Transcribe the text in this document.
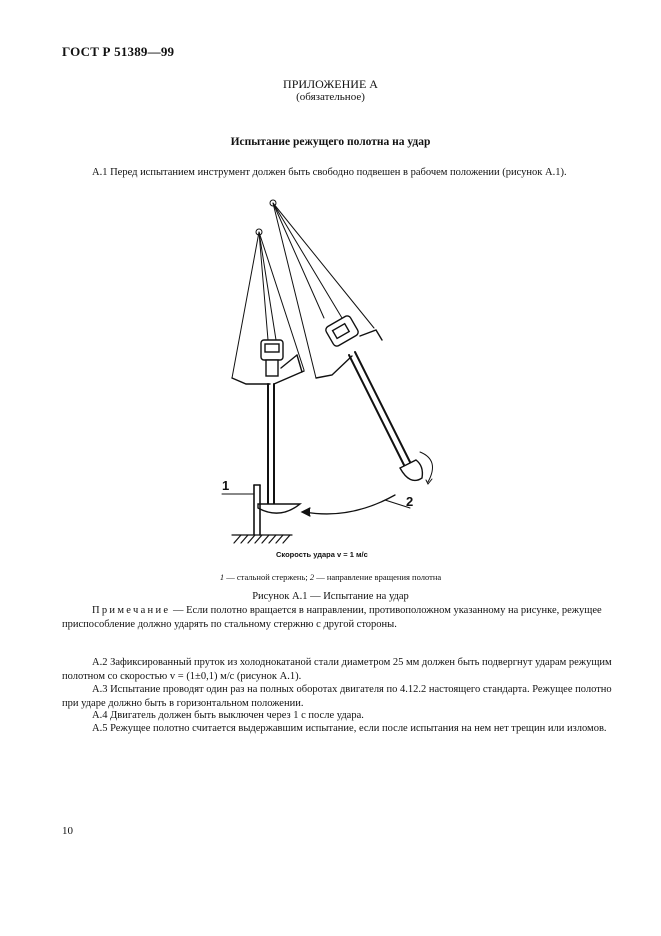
ГОСТ Р 51389—99
ПРИЛОЖЕНИЕ А
(обязательное)
Испытание режущего полотна на удар
А.1 Перед испытанием инструмент должен быть свободно подвешен в рабочем положении (рисунок А.1).
1
2
Скорость удара v = 1 м/с
1 — стальной стержень; 2 — направление вращения полотна
Рисунок А.1 — Испытание на удар
Примечание — Если полотно вращается в направлении, противоположном указанному на рисунке, режущее приспособление должно ударять по стальному стержню с другой стороны.
А.2 Зафиксированный пруток из холоднокатаной стали диаметром 25 мм должен быть подвергнут ударам режущим полотном со скоростью v = (1±0,1) м/с (рисунок А.1).
А.3 Испытание проводят один раз на полных оборотах двигателя по 4.12.2 настоящего стандарта. Режущее полотно при ударе должно быть в горизонтальном положении.
А.4 Двигатель должен быть выключен через 1 с после удара.
А.5 Режущее полотно считается выдержавшим испытание, если после испытания на нем нет трещин или изломов.
10
